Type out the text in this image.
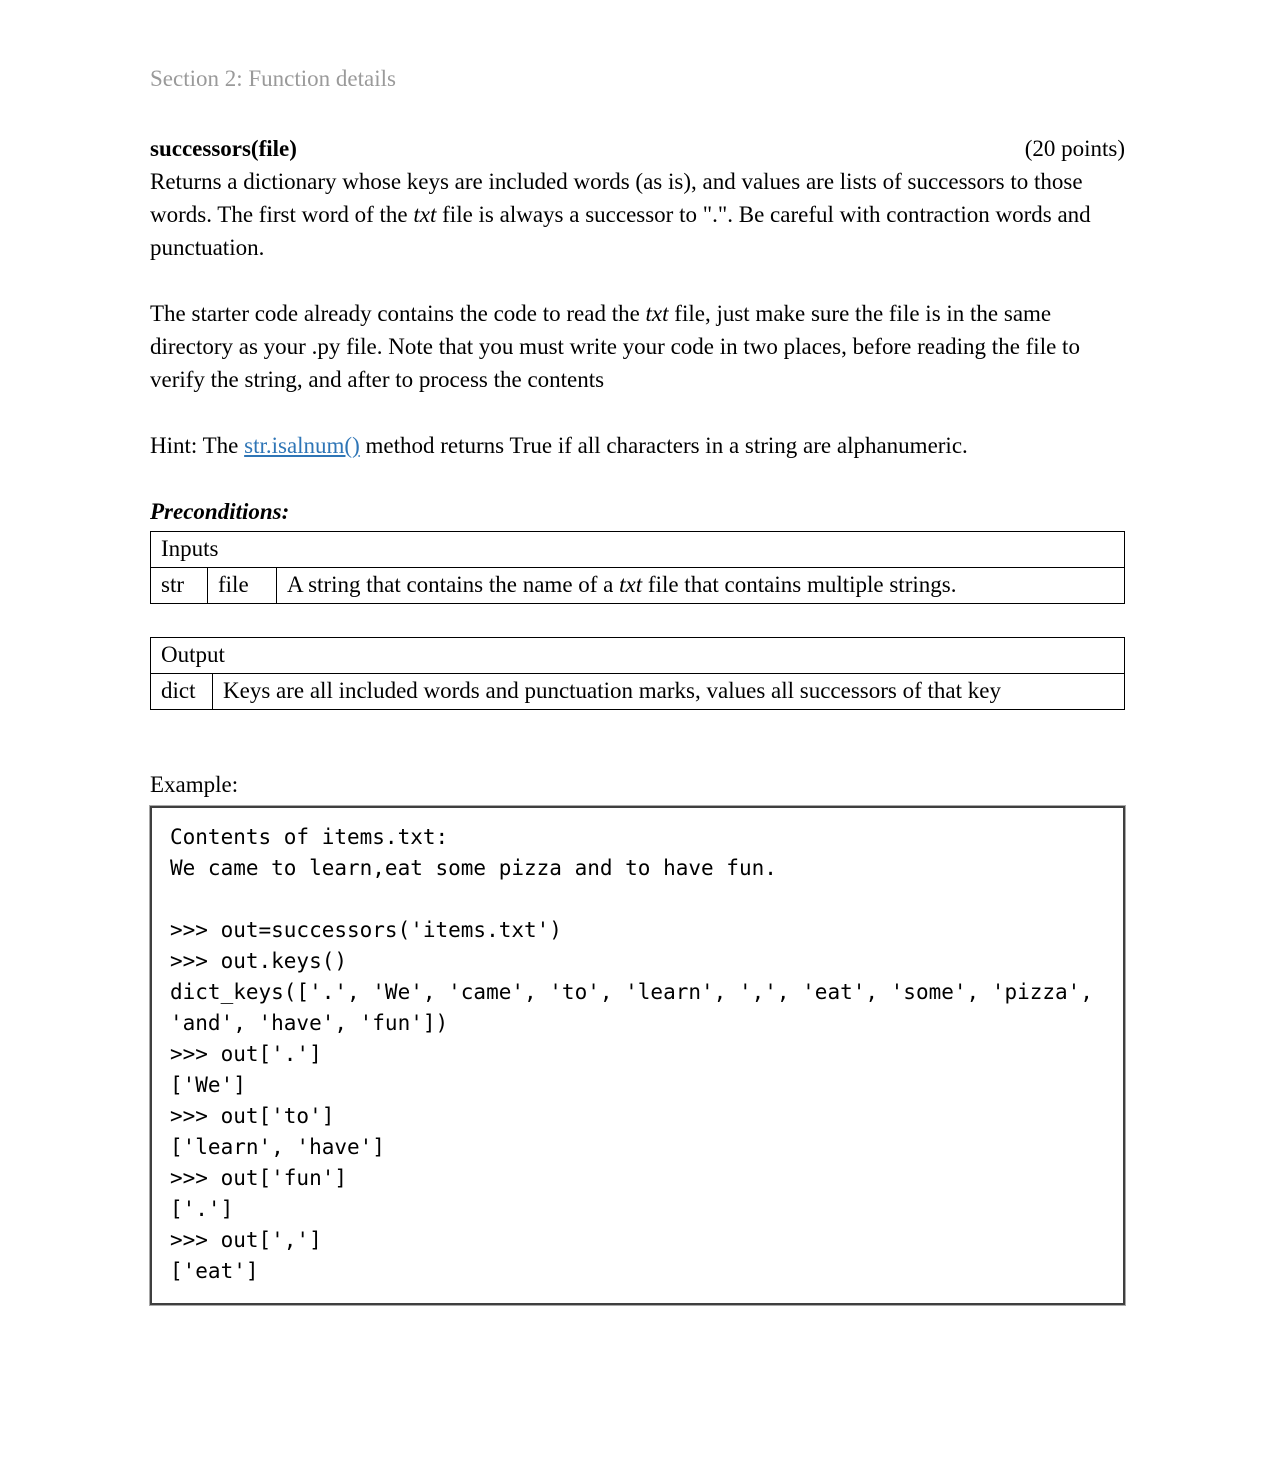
Section 2: Function details
successors(file)	(20 points)

Returns a dictionary whose keys are included words (as is), and values are lists of successors to those words. The first word of the txt file is always a successor to ".". Be careful with contraction words and punctuation.

The starter code already contains the code to read the txt file, just make sure the file is in the same directory as your .py file. Note that you must write your code in two places, before reading the file to verify the string, and after to process the contents

Hint: The str.isalnum() method returns True if all characters in a string are alphanumeric.

Preconditions:
Inputs
str	file	A string that contains the name of a txt file that contains multiple strings.
Output
dict	Keys are all included words and punctuation marks, values all successors of that key
Example:
Contents of items.txt:
We came to learn,eat some pizza and to have fun.

>>> out=successors('items.txt')
>>> out.keys()
dict_keys(['.', 'We', 'came', 'to', 'learn', ',', 'eat', 'some', 'pizza',
'and', 'have', 'fun'])
>>> out['.']
['We']
>>> out['to']
['learn', 'have']
>>> out['fun']
['.']
>>> out[',']
['eat']
